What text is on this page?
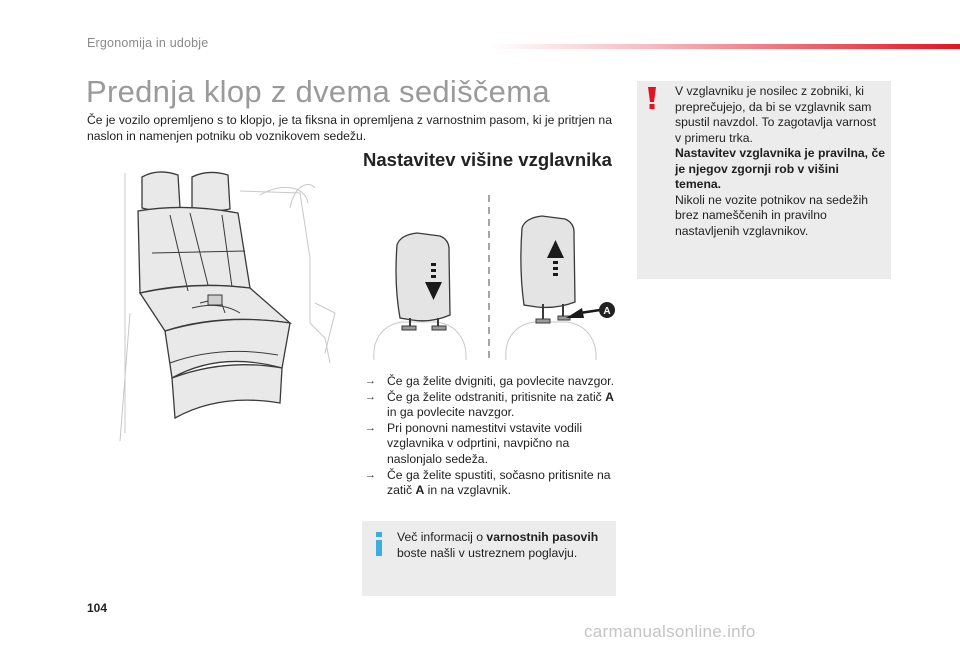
Ergonomija in udobje
Prednja klop z dvema sediščema

Če je vozilo opremljeno s to klopjo, je ta fiksna in opremljena z varnostnim pasom, ki je pritrjen na naslon in namenjen potniku ob voznikovem sedežu.

Nastavitev višine vzglavnika
A
→ Če ga želite dvigniti, ga povlecite navzgor.
→ Če ga želite odstraniti, pritisnite na zatič A in ga povlecite navzgor.
→ Pri ponovni namestitvi vstavite vodili vzglavnika v odprtini, navpično na naslonjalo sedeža.
→ Če ga želite spustiti, sočasno pritisnite na zatič A in na vzglavnik.
Več informacij o varnostnih pasovih boste našli v ustreznem poglavju.
V vzglavniku je nosilec z zobniki, ki preprečujejo, da bi se vzglavnik sam spustil navzdol. To zagotavlja varnost v primeru trka.
Nastavitev vzglavnika je pravilna, če je njegov zgornji rob v višini temena.
Nikoli ne vozite potnikov na sedežih brez nameščenih in pravilno nastavljenih vzglavnikov.
104
carmanualsonline.info
